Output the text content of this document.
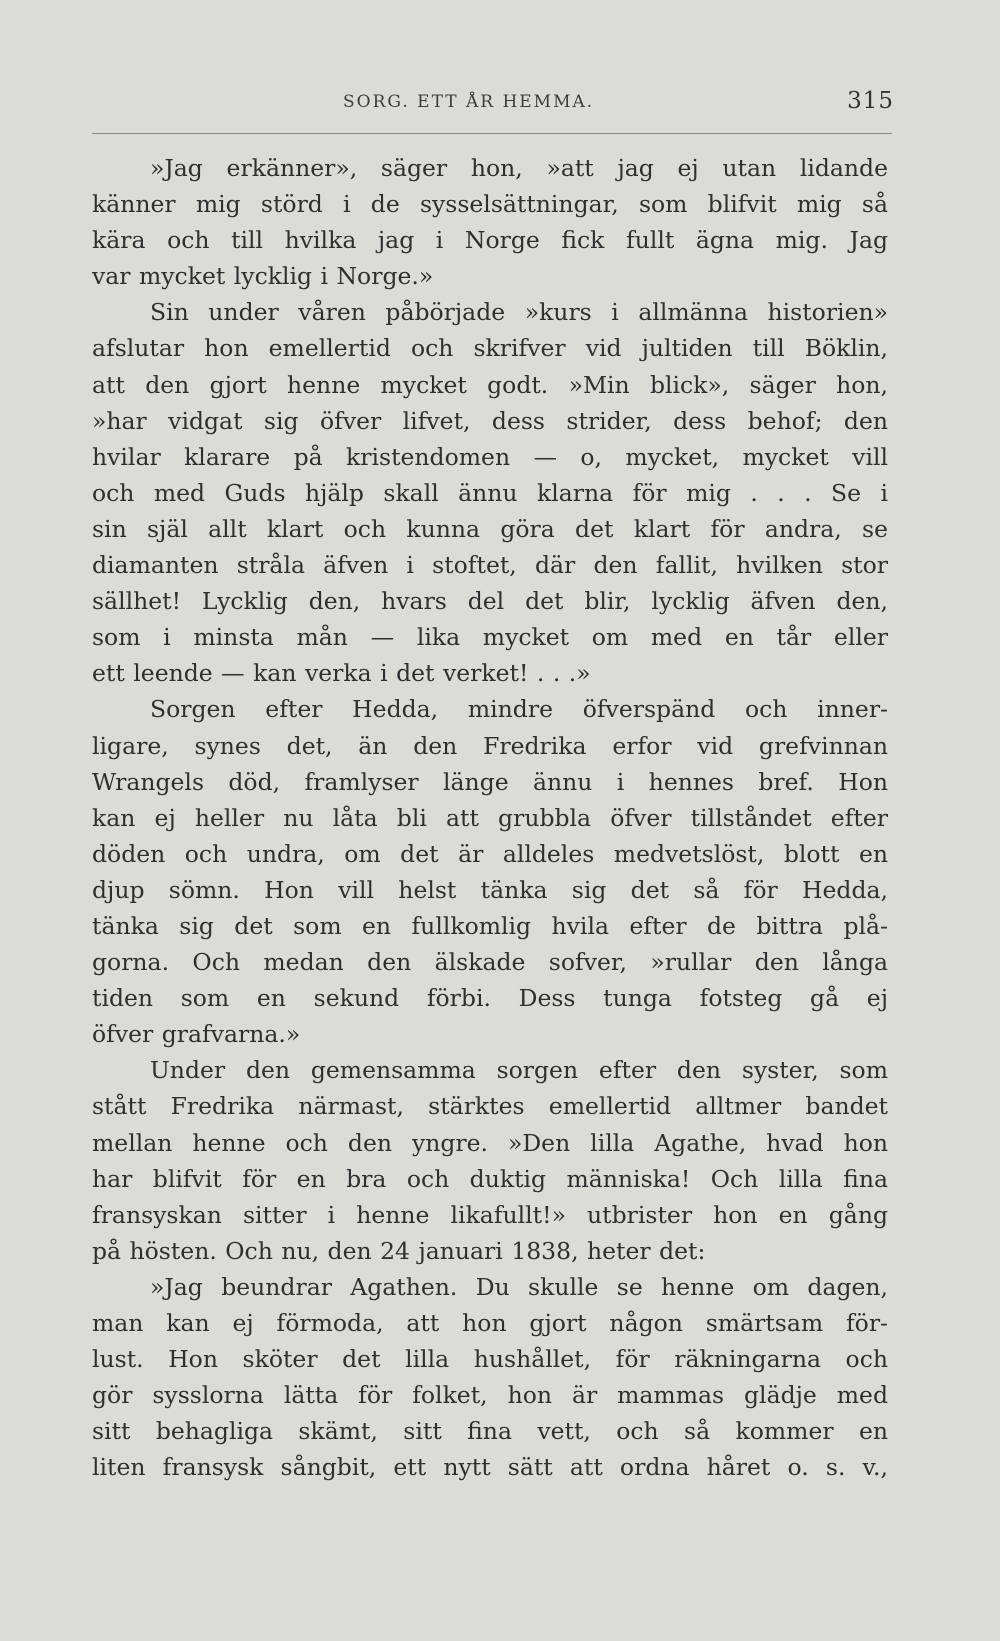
SORG. ETT ÅR HEMMA.	315
»Jag erkänner», säger hon, »att jag ej utan lidande
känner mig störd i de sysselsättningar, som blifvit mig så
kära och till hvilka jag i Norge fick fullt ägna mig. Jag
var mycket lycklig i Norge.»
Sin under våren påbörjade »kurs i allmänna historien»
afslutar hon emellertid och skrifver vid jultiden till Böklin,
att den gjort henne mycket godt. »Min blick», säger hon,
»har vidgat sig öfver lifvet, dess strider, dess behof; den
hvilar klarare på kristendomen — o, mycket, mycket vill
och med Guds hjälp skall ännu klarna för mig . . . Se i
sin själ allt klart och kunna göra det klart för andra, se
diamanten stråla äfven i stoftet, där den fallit, hvilken stor
sällhet! Lycklig den, hvars del det blir, lycklig äfven den,
som i minsta mån — lika mycket om med en tår eller
ett leende — kan verka i det verket! . . .»
Sorgen efter Hedda, mindre öfverspänd och inner-
ligare, synes det, än den Fredrika erfor vid grefvinnan
Wrangels död, framlyser länge ännu i hennes bref. Hon
kan ej heller nu låta bli att grubbla öfver tillståndet efter
döden och undra, om det är alldeles medvetslöst, blott en
djup sömn. Hon vill helst tänka sig det så för Hedda,
tänka sig det som en fullkomlig hvila efter de bittra plå-
gorna. Och medan den älskade sofver, »rullar den långa
tiden som en sekund förbi. Dess tunga fotsteg gå ej
öfver grafvarna.»
Under den gemensamma sorgen efter den syster, som
stått Fredrika närmast, stärktes emellertid alltmer bandet
mellan henne och den yngre. »Den lilla Agathe, hvad hon
har blifvit för en bra och duktig människa! Och lilla fina
fransyskan sitter i henne likafullt!» utbrister hon en gång
på hösten. Och nu, den 24 januari 1838, heter det:
»Jag beundrar Agathen. Du skulle se henne om dagen,
man kan ej förmoda, att hon gjort någon smärtsam för-
lust. Hon sköter det lilla hushållet, för räkningarna och
gör sysslorna lätta för folket, hon är mammas glädje med
sitt behagliga skämt, sitt fina vett, och så kommer en
liten fransysk sångbit, ett nytt sätt att ordna håret o. s. v.,
